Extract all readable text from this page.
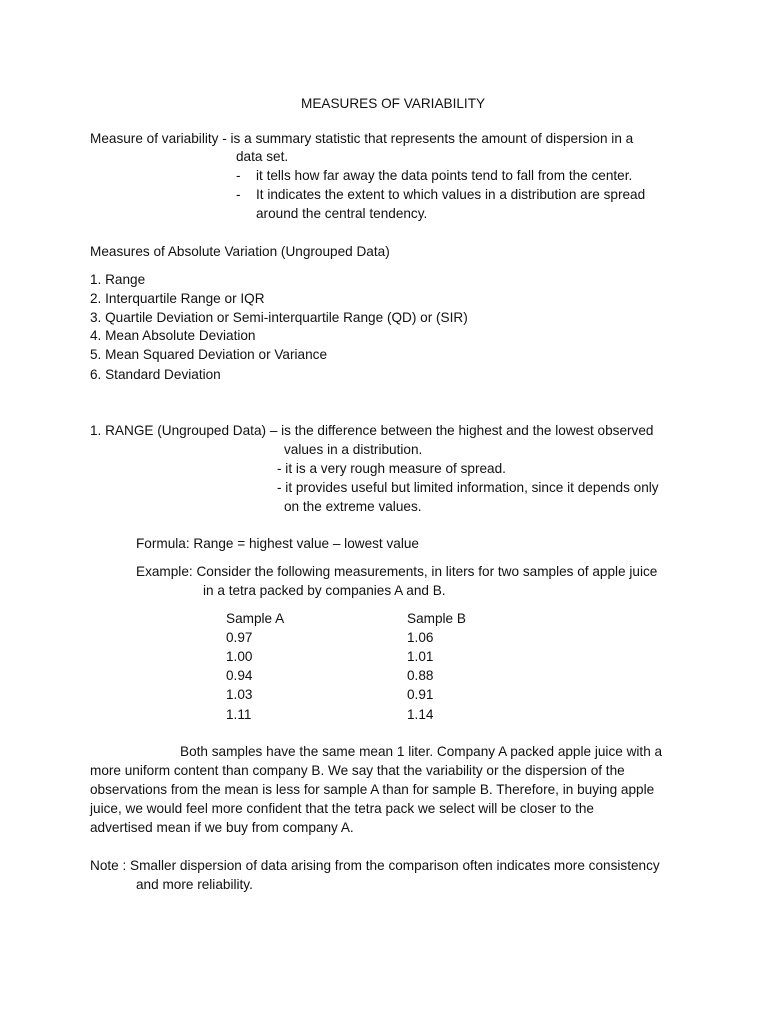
MEASURES OF VARIABILITY

Measure of variability - is a summary statistic that represents the amount of dispersion in a

data set.

- it tells how far away the data points tend to fall from the center.

- It indicates the extent to which values in a distribution are spread

around the central tendency.

Measures of Absolute Variation (Ungrouped Data)

1. Range

2. Interquartile Range or IQR

3. Quartile Deviation or Semi-interquartile Range (QD) or (SIR)

4. Mean Absolute Deviation

5. Mean Squared Deviation or Variance

6. Standard Deviation

1. RANGE (Ungrouped Data) – is the difference between the highest and the lowest observed

values in a distribution.

- it is a very rough measure of spread.

- it provides useful but limited information, since it depends only

on the extreme values.

Formula: Range = highest value – lowest value

Example: Consider the following measurements, in liters for two samples of apple juice

in a tetra packed by companies A and B.

Sample A	Sample B

0.97	1.06

1.00	1.01

0.94	0.88

1.03	0.91

1.11	1.14

Both samples have the same mean 1 liter. Company A packed apple juice with a

more uniform content than company B. We say that the variability or the dispersion of the

observations from the mean is less for sample A than for sample B. Therefore, in buying apple

juice, we would feel more confident that the tetra pack we select will be closer to the

advertised mean if we buy from company A.

Note : Smaller dispersion of data arising from the comparison often indicates more consistency

and more reliability.
